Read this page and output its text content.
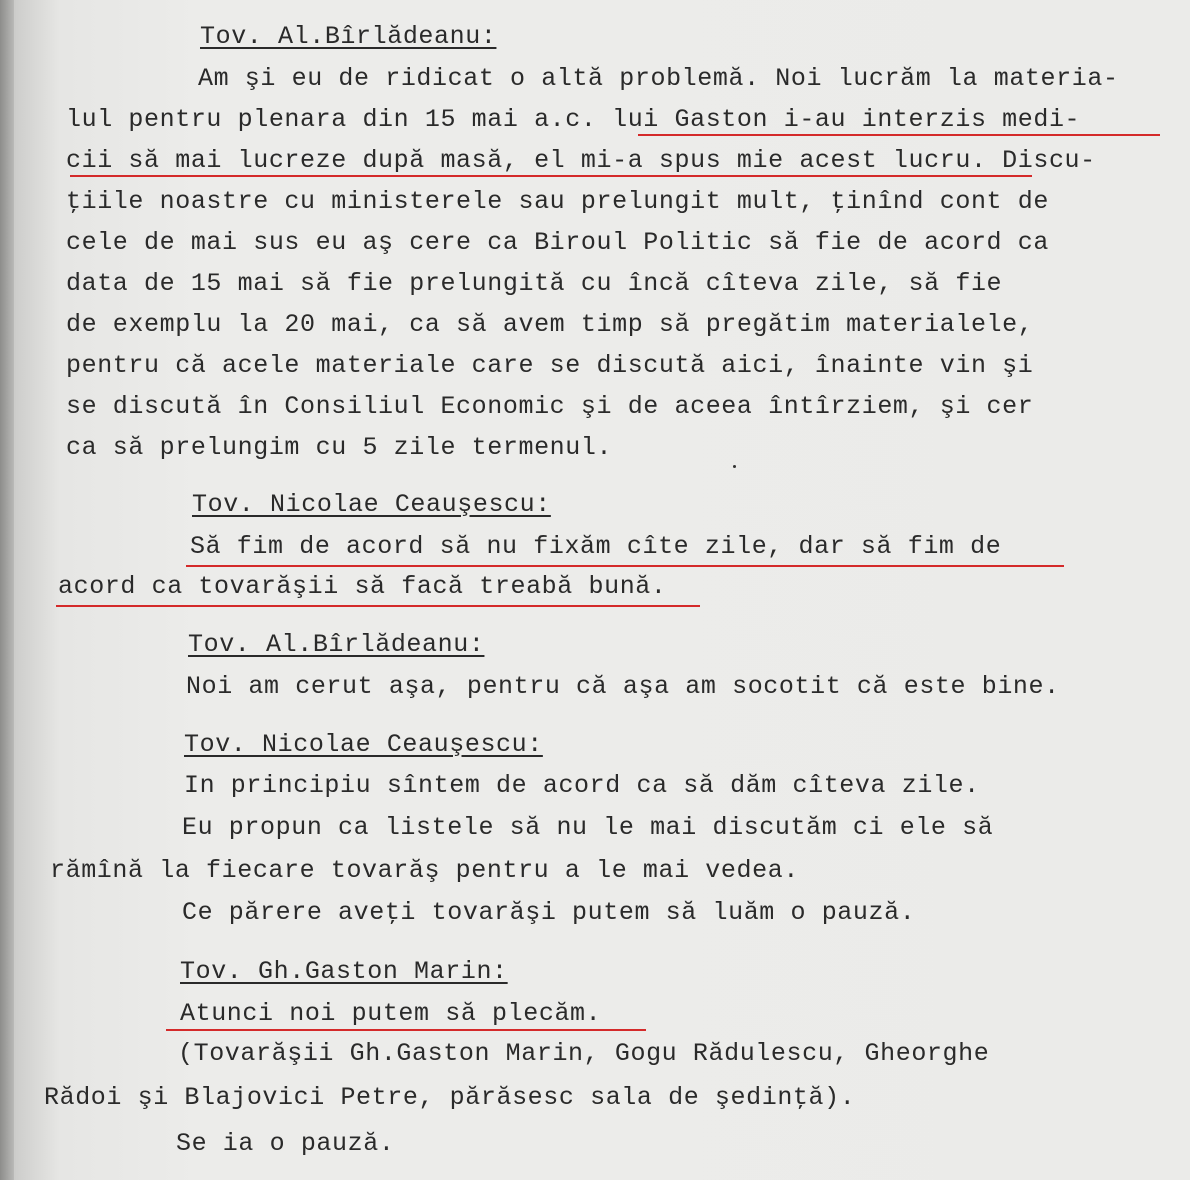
Tov. Al.Bîrlădeanu:
Am şi eu de ridicat o altă problemă. Noi lucrăm la materia-
lul pentru plenara din 15 mai a.c. lui Gaston i-au interzis medi-
cii să mai lucreze după masă, el mi-a spus mie acest lucru. Discu-
ţiile noastre cu ministerele sau prelungit mult, ţinînd cont de
cele de mai sus eu aş cere ca Biroul Politic să fie de acord ca
data de 15 mai să fie prelungită cu încă cîteva zile, să fie
de exemplu la 20 mai, ca să avem timp să pregătim materialele,
pentru că acele materiale care se discută aici, înainte vin şi
se discută în Consiliul Economic şi de aceea întîrziem, şi cer
ca să prelungim cu 5 zile termenul.
Tov. Nicolae Ceauşescu:
Să fim de acord să nu fixăm cîte zile, dar să fim de
acord ca tovarăşii să facă treabă bună.
Tov. Al.Bîrlădeanu:
Noi am cerut aşa, pentru că aşa am socotit că este bine.
Tov. Nicolae Ceauşescu:
In principiu sîntem de acord ca să dăm cîteva zile.
Eu propun ca listele să nu le mai discutăm ci ele să
rămînă la fiecare tovarăş pentru a le mai vedea.
Ce părere aveţi tovarăşi putem să luăm o pauză.
Tov. Gh.Gaston Marin:
Atunci noi putem să plecăm.
(Tovarăşii Gh.Gaston Marin, Gogu Rădulescu, Gheorghe
Rădoi şi Blajovici Petre, părăsesc sala de şedinţă).
Se ia o pauză.
